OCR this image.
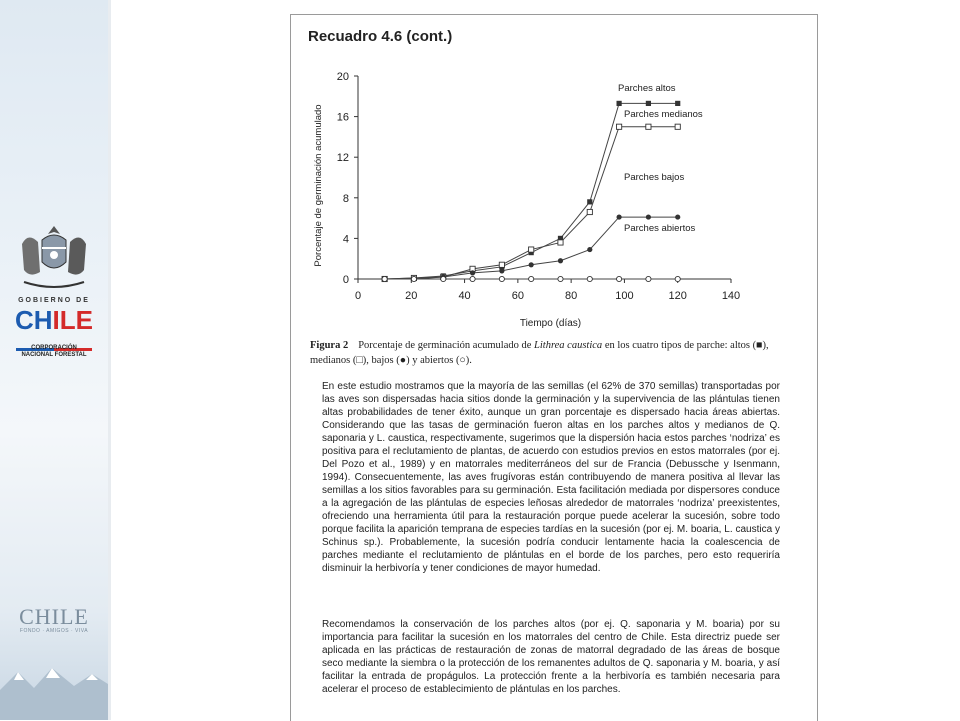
GOBIERNO DE
CHILE
CORPORACIÓN
NACIONAL FORESTAL
CHILE
FONDO · AMIGOS · VIVA
Recuadro 4.6 (cont.)
0	20	40	60	80	100	120	140
0
4
8
12
16
20
Tiempo (días)
Porcentaje de germinación acumulado
Parches altos
Parches medianos
Parches bajos
Parches abiertos
Figura 2 Porcentaje de germinación acumulado de Lithrea caustica en los cuatro tipos de parche: altos (■), medianos (□), bajos (●) y abiertos (○).

En este estudio mostramos que la mayoría de las semillas (el 62% de 370 semillas) transportadas por las aves son dispersadas hacia sitios donde la germinación y la supervivencia de las plántulas tienen altas probabilidades de tener éxito, aunque un gran porcentaje es dispersado hacia áreas abiertas. Considerando que las tasas de germinación fueron altas en los parches altos y medianos de Q. saponaria y L. caustica, respectivamente, sugerimos que la dispersión hacia estos parches ‘nodriza’ es positiva para el reclutamiento de plantas, de acuerdo con estudios previos en estos matorrales (por ej. Del Pozo et al., 1989) y en matorrales mediterráneos del sur de Francia (Debussche y Isenmann, 1994). Consecuentemente, las aves frugívoras están contribuyendo de manera positiva al llevar las semillas a los sitios favorables para su germinación. Esta facilitación mediada por dispersores conduce a la agregación de las plántulas de especies leñosas alrededor de matorrales ‘nodriza’ preexistentes, ofreciendo una herramienta útil para la restauración porque puede acelerar la sucesión, sobre todo porque facilita la aparición temprana de especies tardías en la sucesión (por ej. M. boaria, L. caustica y Schinus sp.). Probablemente, la sucesión podría conducir lentamente hacia la coalescencia de parches mediante el reclutamiento de plántulas en el borde de los parches, pero esto requeriría disminuir la herbivoría y tener condiciones de mayor humedad.

Recomendamos la conservación de los parches altos (por ej. Q. saponaria y M. boaria) por su importancia para facilitar la sucesión en los matorrales del centro de Chile. Esta directriz puede ser aplicada en las prácticas de restauración de zonas de matorral degradado de las áreas de bosque seco mediante la siembra o la protección de los remanentes adultos de Q. saponaria y M. boaria, y así facilitar la entrada de propágulos. La protección frente a la herbivoría es también necesaria para acelerar el proceso de establecimiento de plántulas en los parches.
